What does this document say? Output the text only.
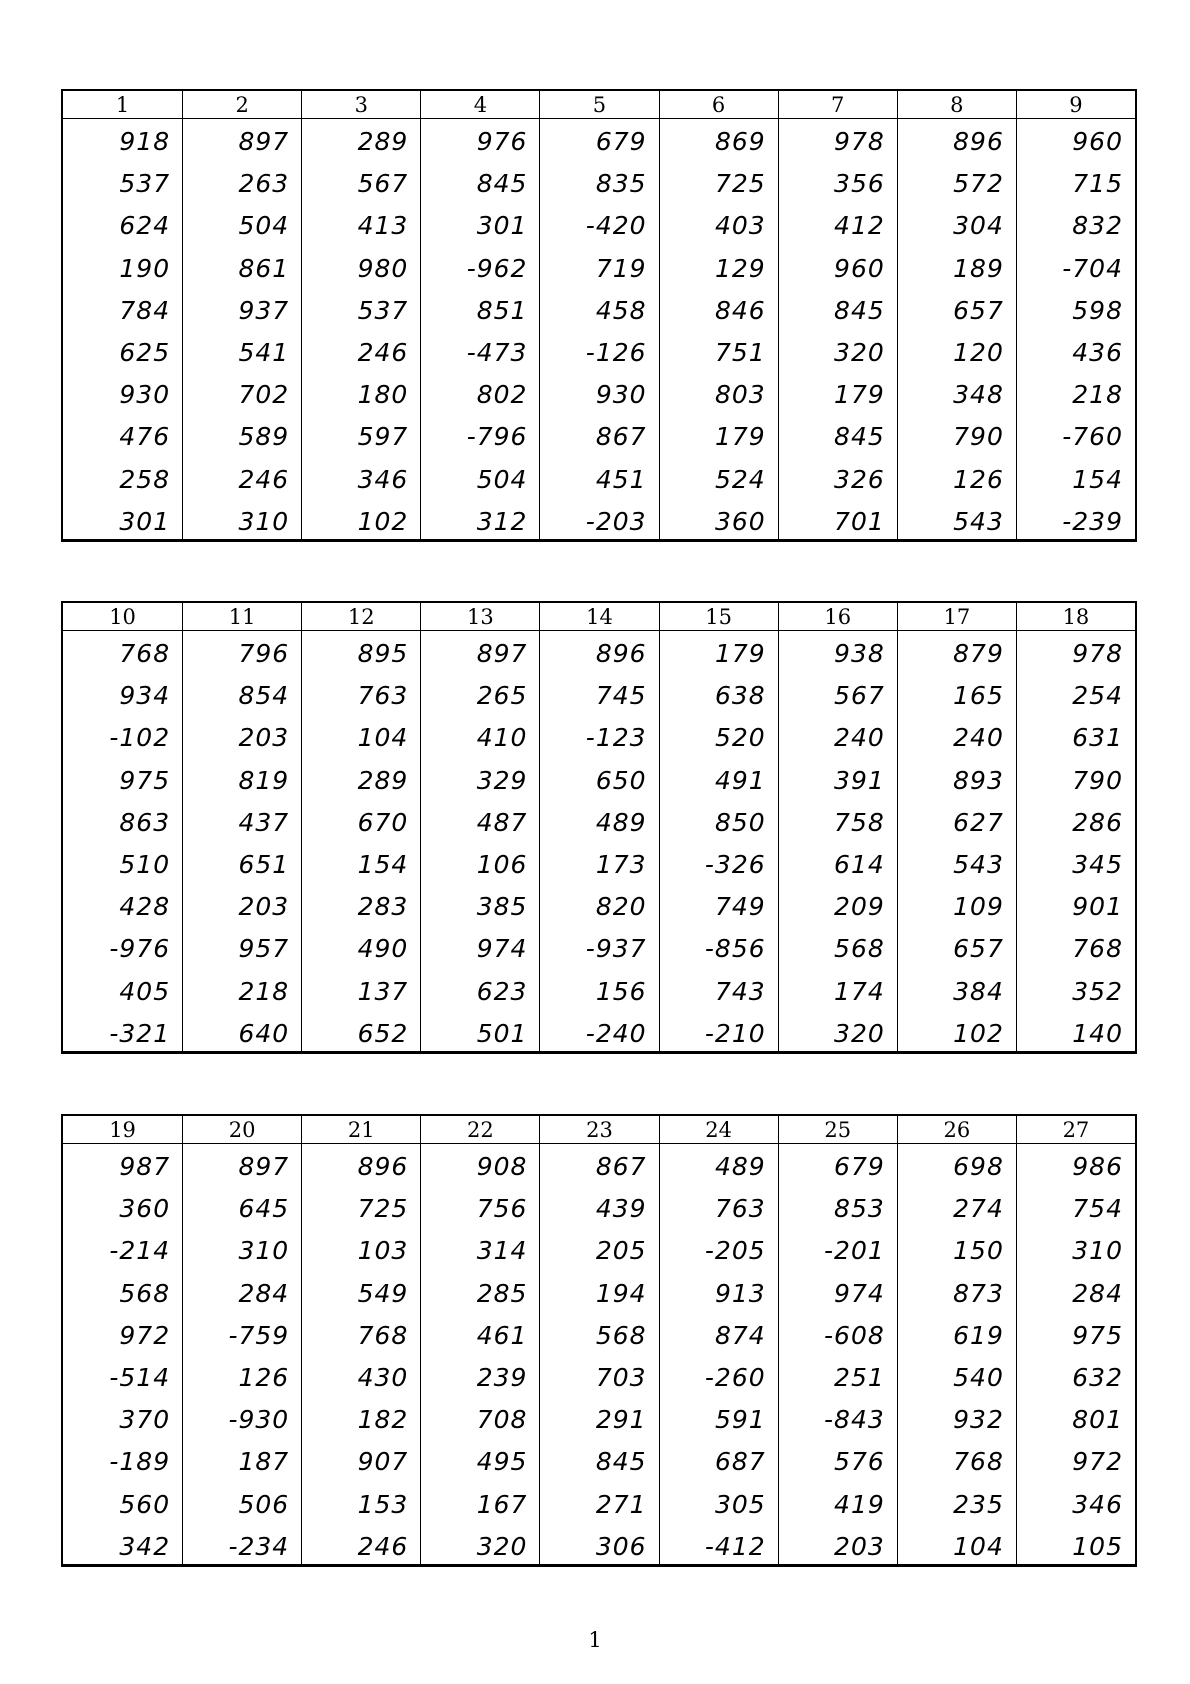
1
918
537
624
190
784
625
930
476
258
301
2
897
263
504
861
937
541
702
589
246
310
3
289
567
413
980
537
246
180
597
346
102
4
976
845
301
-962
851
-473
802
-796
504
312
5
679
835
-420
719
458
-126
930
867
451
-203
6
869
725
403
129
846
751
803
179
524
360
7
978
356
412
960
845
320
179
845
326
701
8
896
572
304
189
657
120
348
790
126
543
9
960
715
832
-704
598
436
218
-760
154
-239
10
768
934
-102
975
863
510
428
-976
405
-321
11
796
854
203
819
437
651
203
957
218
640
12
895
763
104
289
670
154
283
490
137
652
13
897
265
410
329
487
106
385
974
623
501
14
896
745
-123
650
489
173
820
-937
156
-240
15
179
638
520
491
850
-326
749
-856
743
-210
16
938
567
240
391
758
614
209
568
174
320
17
879
165
240
893
627
543
109
657
384
102
18
978
254
631
790
286
345
901
768
352
140
19
987
360
-214
568
972
-514
370
-189
560
342
20
897
645
310
284
-759
126
-930
187
506
-234
21
896
725
103
549
768
430
182
907
153
246
22
908
756
314
285
461
239
708
495
167
320
23
867
439
205
194
568
703
291
845
271
306
24
489
763
-205
913
874
-260
591
687
305
-412
25
679
853
-201
974
-608
251
-843
576
419
203
26
698
274
150
873
619
540
932
768
235
104
27
986
754
310
284
975
632
801
972
346
105
1
